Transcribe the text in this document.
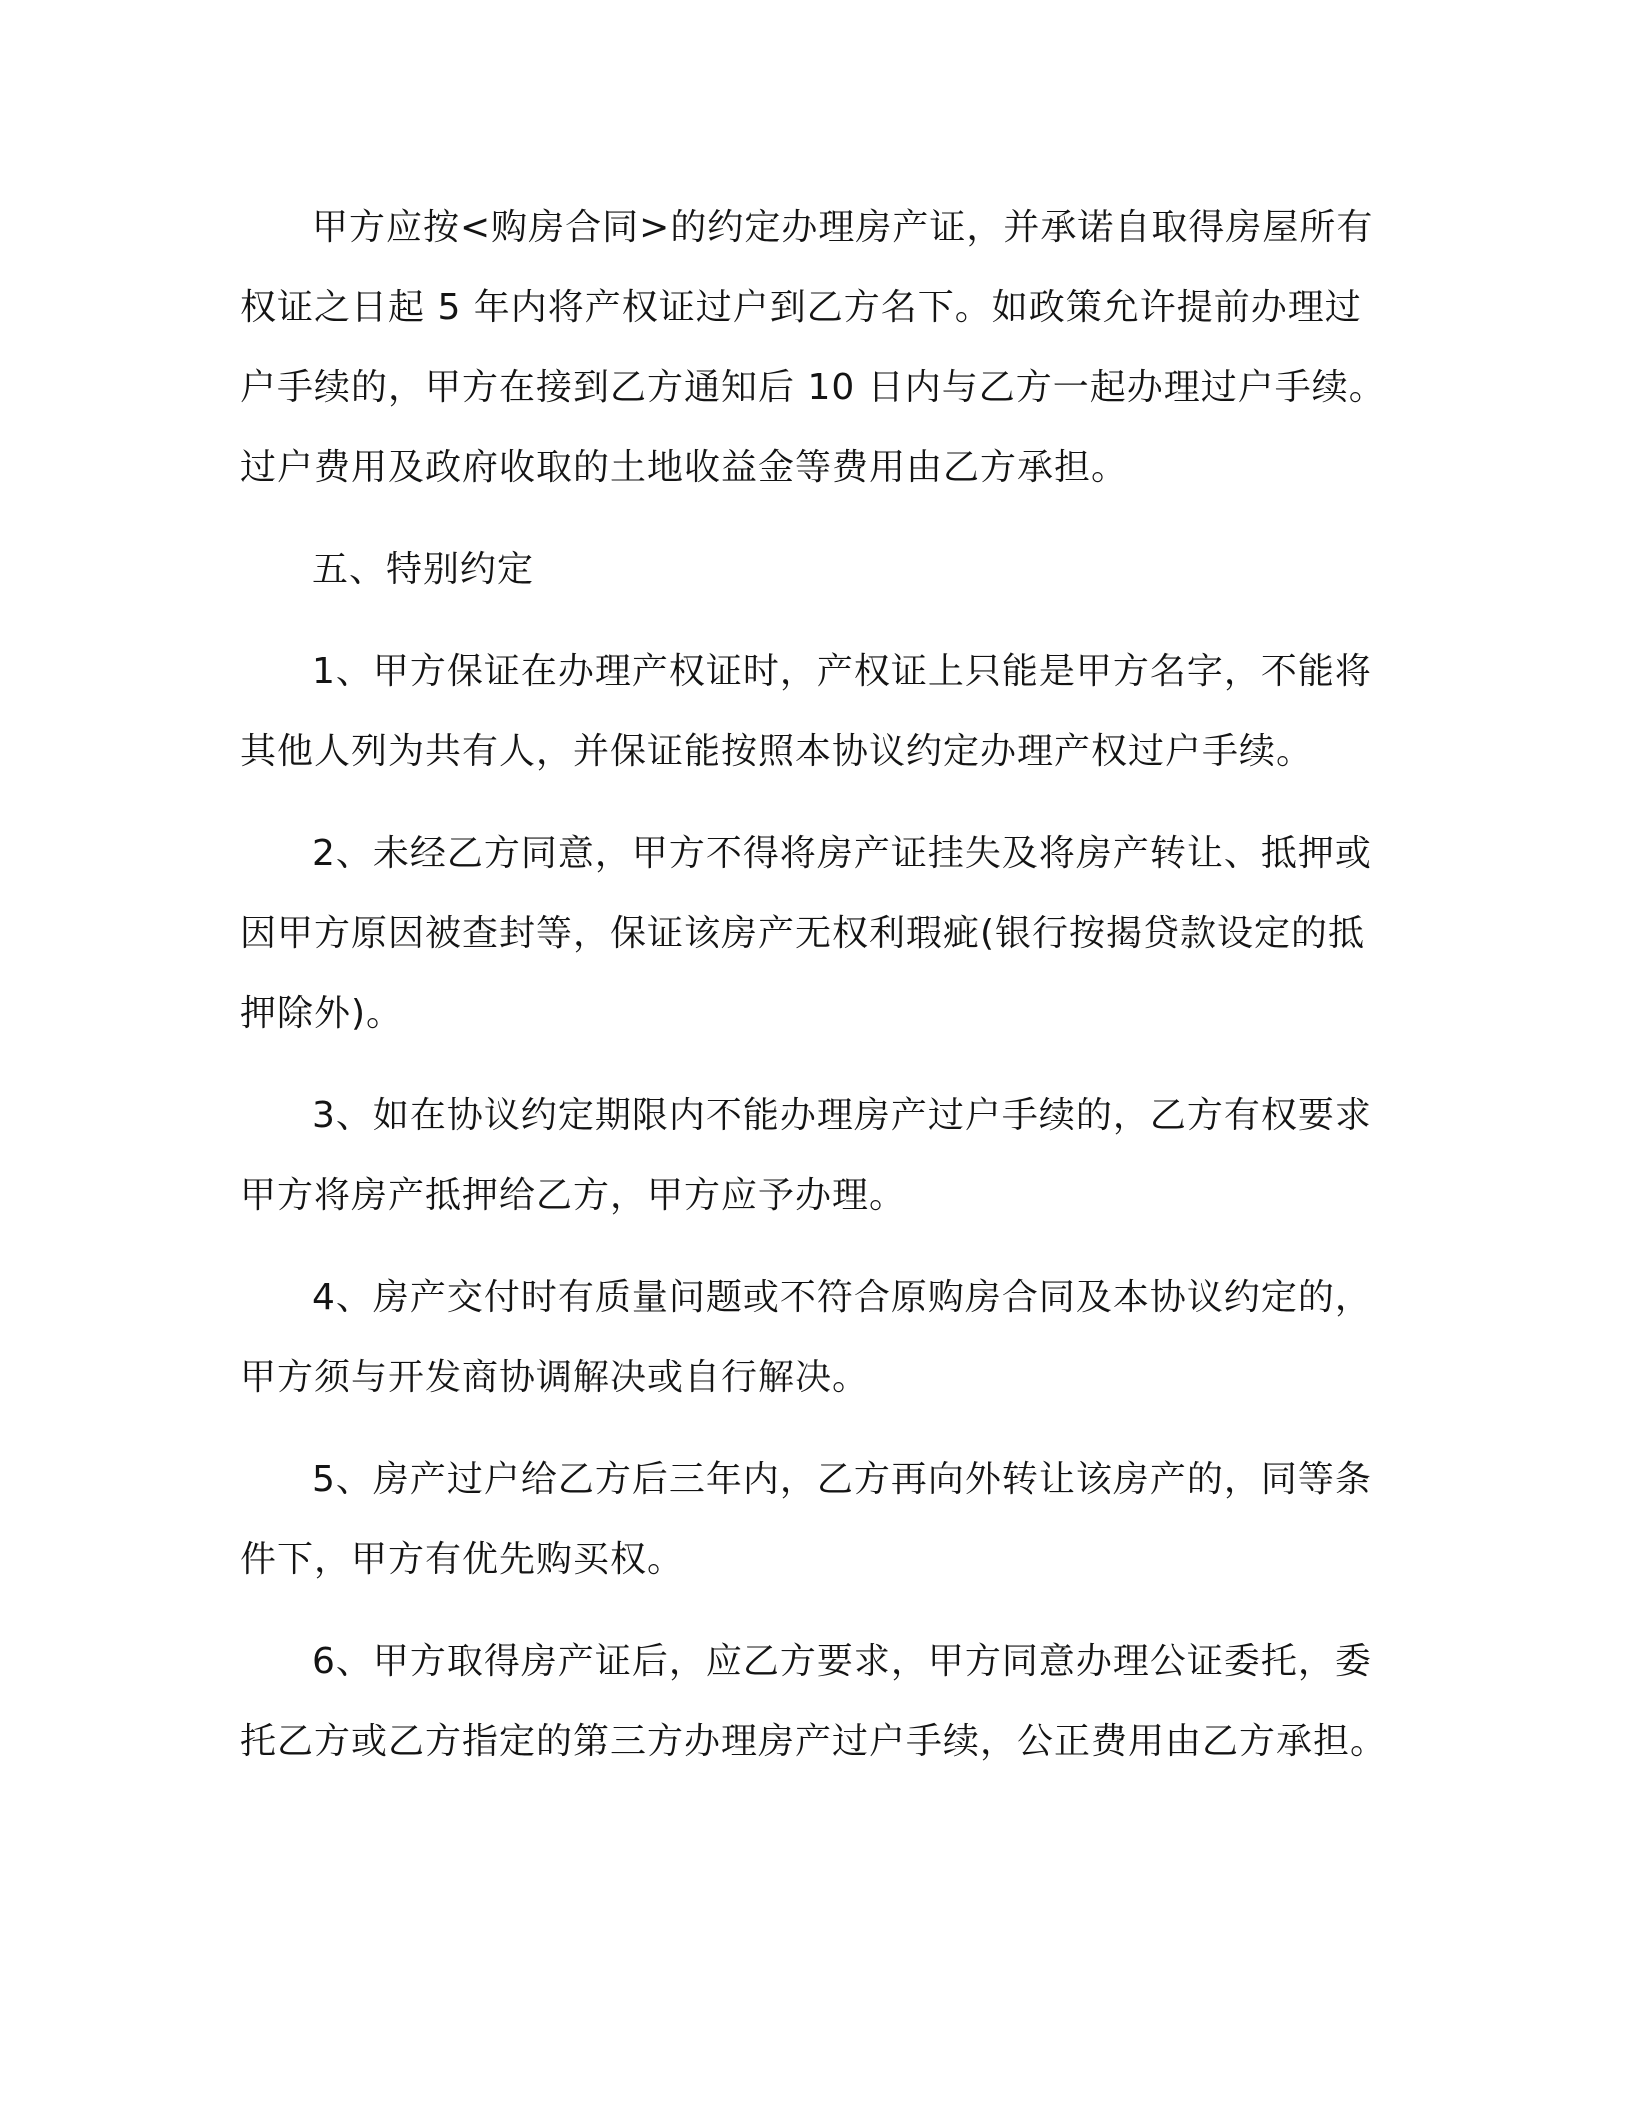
甲方应按<购房合同>的约定办理房产证，并承诺自取得房屋所有权证之日起 5 年内将产权证过户到乙方名下。如政策允许提前办理过户手续的，甲方在接到乙方通知后 10 日内与乙方一起办理过户手续。过户费用及政府收取的土地收益金等费用由乙方承担。

五、特别约定

1、甲方保证在办理产权证时，产权证上只能是甲方名字，不能将其他人列为共有人，并保证能按照本协议约定办理产权过户手续。

2、未经乙方同意，甲方不得将房产证挂失及将房产转让、抵押或因甲方原因被查封等，保证该房产无权利瑕疵(银行按揭贷款设定的抵押除外)。

3、如在协议约定期限内不能办理房产过户手续的，乙方有权要求甲方将房产抵押给乙方，甲方应予办理。

4、房产交付时有质量问题或不符合原购房合同及本协议约定的，甲方须与开发商协调解决或自行解决。

5、房产过户给乙方后三年内，乙方再向外转让该房产的，同等条件下，甲方有优先购买权。

6、甲方取得房产证后，应乙方要求，甲方同意办理公证委托，委托乙方或乙方指定的第三方办理房产过户手续，公正费用由乙方承担。
